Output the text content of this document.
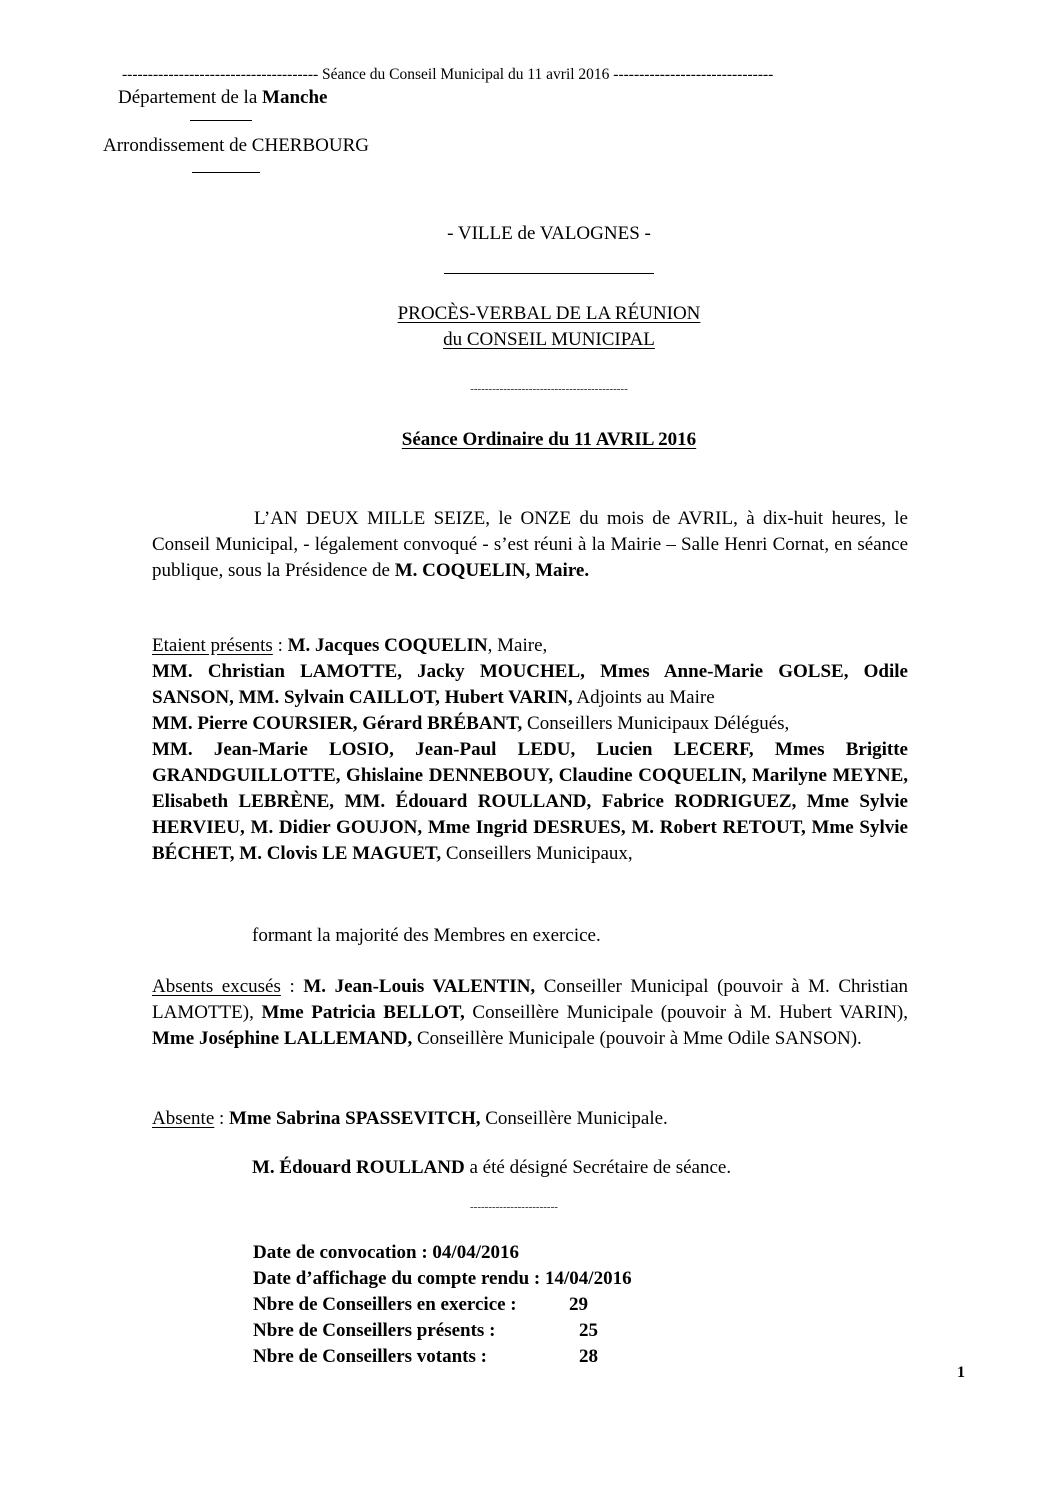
-------------------------------------- Séance du Conseil Municipal du 11 avril 2016 -------------------------------
Département de la Manche
Arrondissement de CHERBOURG
- VILLE de VALOGNES -
PROCÈS-VERBAL DE LA RÉUNION
du CONSEIL MUNICIPAL
-------------------------------------------
Séance Ordinaire du 11 AVRIL 2016
L’AN DEUX MILLE SEIZE, le ONZE du mois de AVRIL, à dix-huit heures, le Conseil Municipal, - légalement convoqué - s’est réuni à la Mairie – Salle Henri Cornat, en séance publique, sous la Présidence de M. COQUELIN, Maire.
Etaient présents : M. Jacques COQUELIN, Maire,
MM. Christian LAMOTTE, Jacky MOUCHEL, Mmes Anne-Marie GOLSE, Odile SANSON, MM. Sylvain CAILLOT, Hubert VARIN, Adjoints au Maire
MM. Pierre COURSIER, Gérard BRÉBANT, Conseillers Municipaux Délégués,
MM. Jean-Marie LOSIO, Jean-Paul LEDU, Lucien LECERF, Mmes Brigitte GRANDGUILLOTTE, Ghislaine DENNEBOUY, Claudine COQUELIN, Marilyne MEYNE, Elisabeth LEBRÈNE, MM. Édouard ROULLAND, Fabrice RODRIGUEZ, Mme Sylvie HERVIEU, M. Didier GOUJON, Mme Ingrid DESRUES, M. Robert RETOUT, Mme Sylvie BÉCHET, M. Clovis LE MAGUET, Conseillers Municipaux,
formant la majorité des Membres en exercice.
Absents excusés : M. Jean-Louis VALENTIN, Conseiller Municipal (pouvoir à M. Christian LAMOTTE), Mme Patricia BELLOT, Conseillère Municipale (pouvoir à M. Hubert VARIN), Mme Joséphine LALLEMAND, Conseillère Municipale (pouvoir à Mme Odile SANSON).
Absente : Mme Sabrina SPASSEVITCH, Conseillère Municipale.
M. Édouard ROULLAND a été désigné Secrétaire de séance.
------------------------
Date de convocation : 04/04/2016
Date d’affichage du compte rendu : 14/04/2016
Nbre de Conseillers en exercice :	29
Nbre de Conseillers présents :	25
Nbre de Conseillers votants :	28
1
